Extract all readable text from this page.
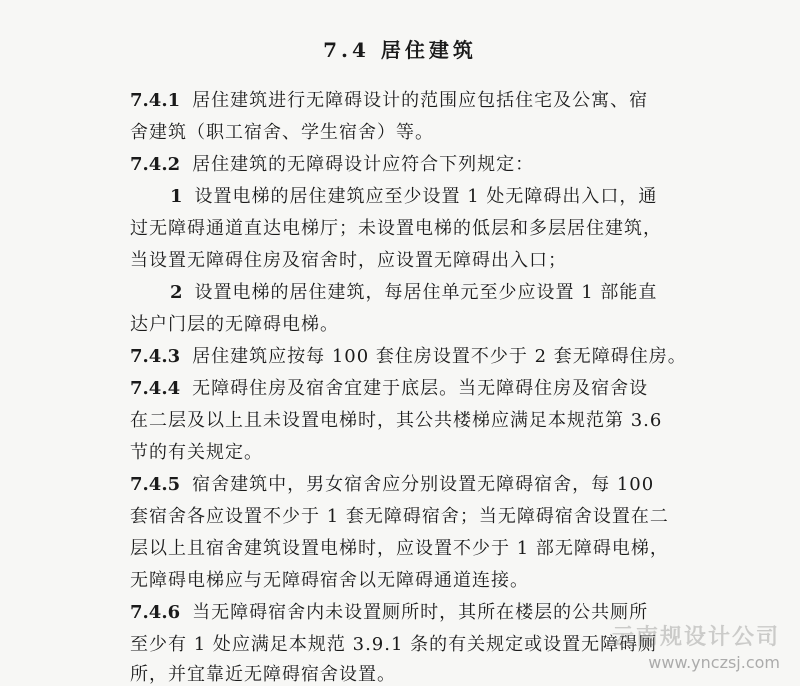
7.4 居住建筑
7.4.1 居住建筑进行无障碍设计的范围应包括住宅及公寓、宿
舍建筑（职工宿舍、学生宿舍）等。
7.4.2 居住建筑的无障碍设计应符合下列规定：
1 设置电梯的居住建筑应至少设置 1 处无障碍出入口，通
过无障碍通道直达电梯厅；未设置电梯的低层和多层居住建筑，
当设置无障碍住房及宿舍时，应设置无障碍出入口；
2 设置电梯的居住建筑，每居住单元至少应设置 1 部能直
达户门层的无障碍电梯。
7.4.3 居住建筑应按每 100 套住房设置不少于 2 套无障碍住房。
7.4.4 无障碍住房及宿舍宜建于底层。当无障碍住房及宿舍设
在二层及以上且未设置电梯时，其公共楼梯应满足本规范第 3.6
节的有关规定。
7.4.5 宿舍建筑中，男女宿舍应分别设置无障碍宿舍，每 100
套宿舍各应设置不少于 1 套无障碍宿舍；当无障碍宿舍设置在二
层以上且宿舍建筑设置电梯时，应设置不少于 1 部无障碍电梯，
无障碍电梯应与无障碍宿舍以无障碍通道连接。
7.4.6 当无障碍宿舍内未设置厕所时，其所在楼层的公共厕所
至少有 1 处应满足本规范 3.9.1 条的有关规定或设置无障碍厕
所，并宜靠近无障碍宿舍设置。
云南规设计公司
www.ynczsj.com
